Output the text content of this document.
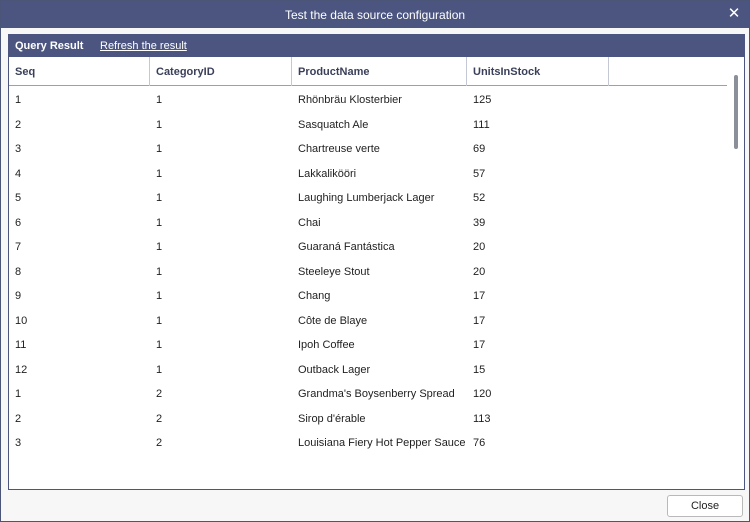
Test the data source configuration	✕
Query Result Refresh the result
Seq	CategoryID	ProductName	UnitsInStock
1	1	Rhönbräu Klosterbier	125
2	1	Sasquatch Ale	111
3	1	Chartreuse verte	69
4	1	Lakkalikööri	57
5	1	Laughing Lumberjack Lager	52
6	1	Chai	39
7	1	Guaraná Fantástica	20
8	1	Steeleye Stout	20
9	1	Chang	17
10	1	Côte de Blaye	17
11	1	Ipoh Coffee	17
12	1	Outback Lager	15
1	2	Grandma's Boysenberry Spread	120
2	2	Sirop d'érable	113
3	2	Louisiana Fiery Hot Pepper Sauce 76
Close
